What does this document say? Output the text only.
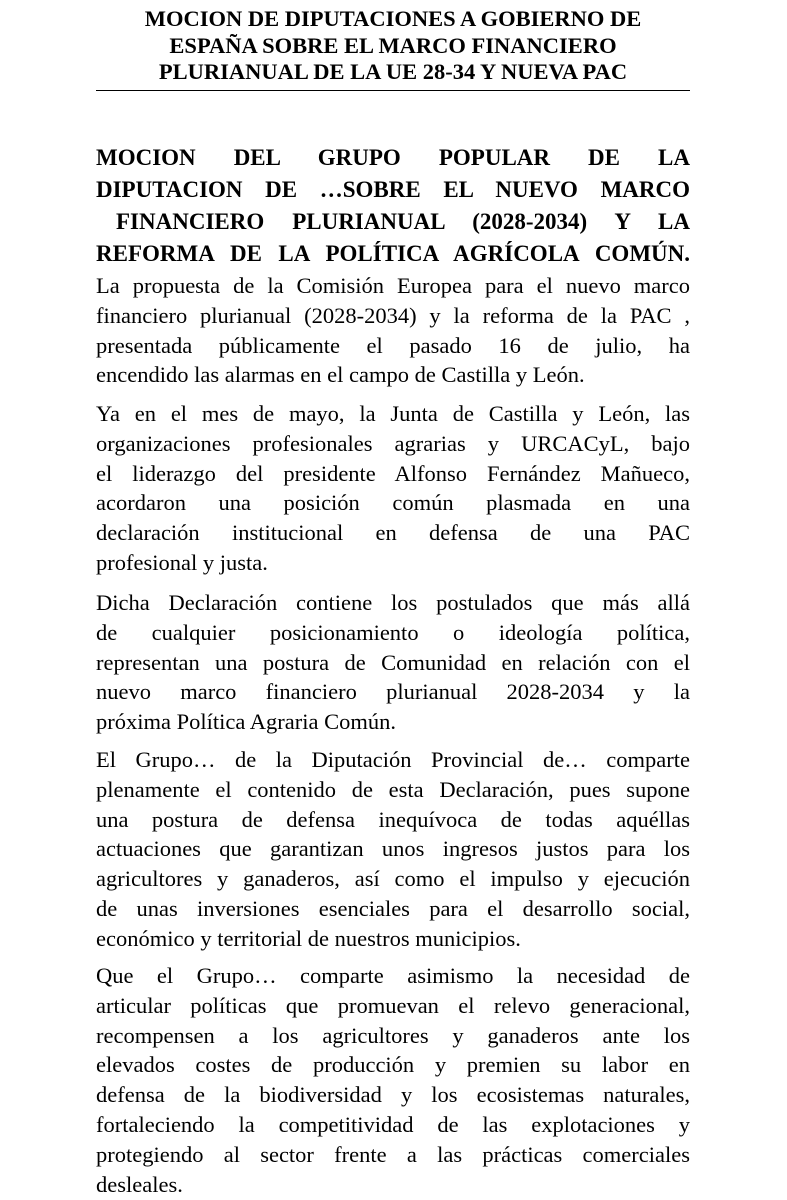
MOCION DE DIPUTACIONES A GOBIERNO DE
ESPAÑA SOBRE EL MARCO FINANCIERO
PLURIANUAL DE LA UE 28-34 Y NUEVA PAC
MOCION DEL GRUPO POPULAR DE LA
DIPUTACION DE …SOBRE EL NUEVO MARCO
FINANCIERO PLURIANUAL (2028-2034) Y LA
REFORMA DE LA POLÍTICA AGRÍCOLA COMÚN.
La propuesta de la Comisión Europea para el nuevo marco
financiero plurianual (2028-2034) y la reforma de la PAC ,
presentada públicamente el pasado 16 de julio, ha
encendido las alarmas en el campo de Castilla y León.
Ya en el mes de mayo, la Junta de Castilla y León, las
organizaciones profesionales agrarias y URCACyL, bajo
el liderazgo del presidente Alfonso Fernández Mañueco,
acordaron una posición común plasmada en una
declaración institucional en defensa de una PAC
profesional y justa.
Dicha Declaración contiene los postulados que más allá
de cualquier posicionamiento o ideología política,
representan una postura de Comunidad en relación con el
nuevo marco financiero plurianual 2028-2034 y la
próxima Política Agraria Común.
El Grupo… de la Diputación Provincial de… comparte
plenamente el contenido de esta Declaración, pues supone
una postura de defensa inequívoca de todas aquéllas
actuaciones que garantizan unos ingresos justos para los
agricultores y ganaderos, así como el impulso y ejecución
de unas inversiones esenciales para el desarrollo social,
económico y territorial de nuestros municipios.
Que el Grupo… comparte asimismo la necesidad de
articular políticas que promuevan el relevo generacional,
recompensen a los agricultores y ganaderos ante los
elevados costes de producción y premien su labor en
defensa de la biodiversidad y los ecosistemas naturales,
fortaleciendo la competitividad de las explotaciones y
protegiendo al sector frente a las prácticas comerciales
desleales.
